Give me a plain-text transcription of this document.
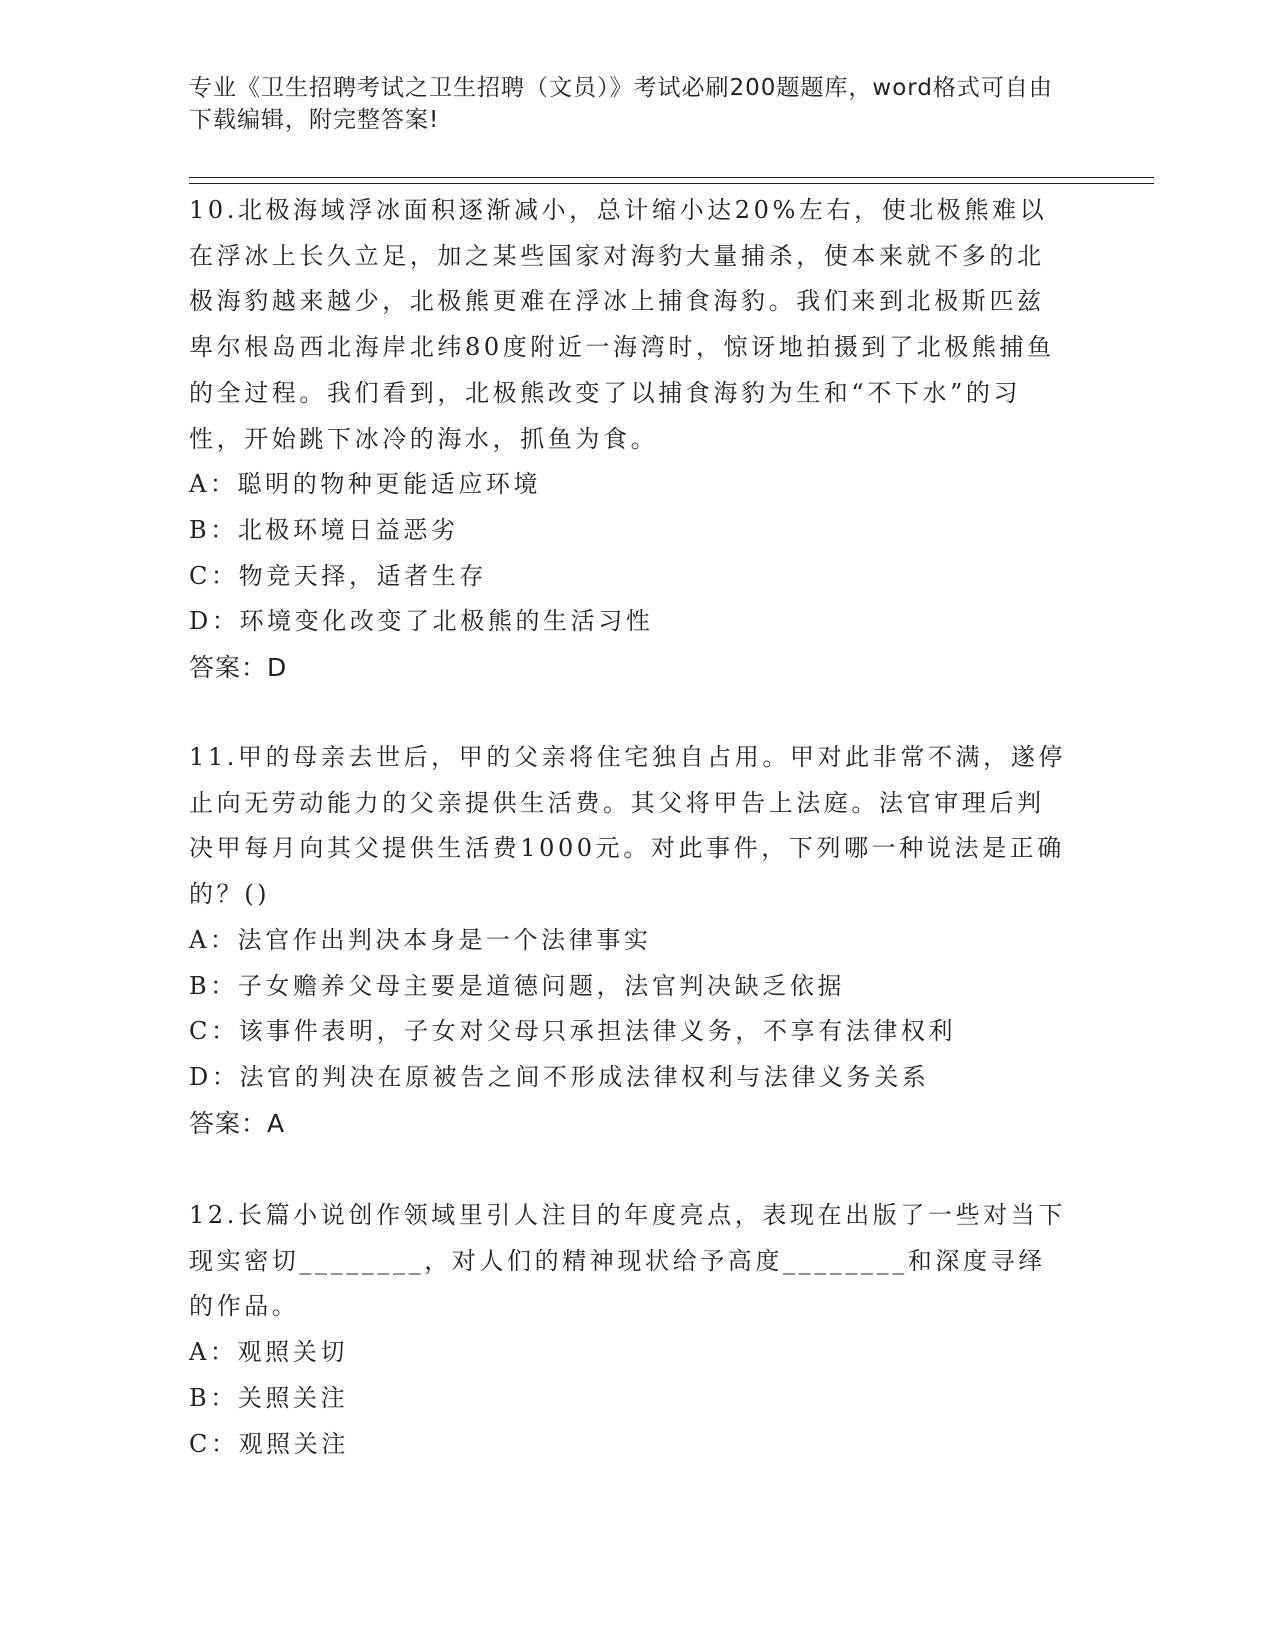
专业《卫生招聘考试之卫生招聘（文员）》考试必刷200题题库，word格式可自由下载编辑，附完整答案!

10.北极海域浮冰面积逐渐减小，总计缩小达20%左右，使北极熊难以在浮冰上长久立足，加之某些国家对海豹大量捕杀，使本来就不多的北极海豹越来越少，北极熊更难在浮冰上捕食海豹。我们来到北极斯匹兹卑尔根岛西北海岸北纬80度附近一海湾时，惊讶地拍摄到了北极熊捕鱼的全过程。我们看到，北极熊改变了以捕食海豹为生和“不下水”的习性，开始跳下冰冷的海水，抓鱼为食。

A：聪明的物种更能适应环境

B：北极环境日益恶劣

C：物竞天择，适者生存

D：环境变化改变了北极熊的生活习性

答案：D

11.甲的母亲去世后，甲的父亲将住宅独自占用。甲对此非常不满，遂停止向无劳动能力的父亲提供生活费。其父将甲告上法庭。法官审理后判决甲每月向其父提供生活费1000元。对此事件，下列哪一种说法是正确的？()

A：法官作出判决本身是一个法律事实

B：子女赡养父母主要是道德问题，法官判决缺乏依据

C：该事件表明，子女对父母只承担法律义务，不享有法律权利

D：法官的判决在原被告之间不形成法律权利与法律义务关系

答案：A

12.长篇小说创作领域里引人注目的年度亮点，表现在出版了一些对当下现实密切________，对人们的精神现状给予高度________和深度寻绎的作品。

A：观照关切

B：关照关注

C：观照关注
